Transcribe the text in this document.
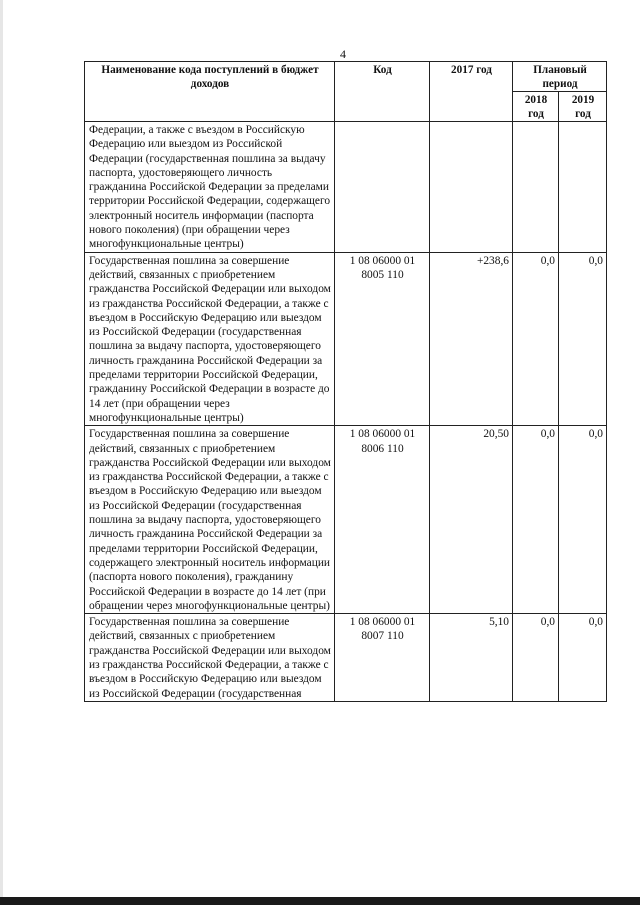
4
Наименование кода поступлений в бюджет доходов	Код	2017 год	Плановый период	
			2018 год	2019 год
Федерации, а также с въездом в Российскую Федерацию или выездом из Российской Федерации (государственная пошлина за выдачу паспорта, удостоверяющего личность гражданина Российской Федерации за пределами территории Российской Федерации, содержащего электронный носитель информации (паспорта нового поколения) (при обращении через многофункциональные центры)				
Государственная пошлина за совершение действий, связанных с приобретением гражданства Российской Федерации или выходом из гражданства Российской Федерации, а также с въездом в Российскую Федерацию или выездом из Российской Федерации (государственная пошлина за выдачу паспорта, удостоверяющего личность гражданина Российской Федерации за пределами территории Российской Федерации, гражданину Российской Федерации в возрасте до 14 лет (при обращении через многофункциональные центры)	1 08 06000 01 8005 110	+238,6	0,0	0,0
Государственная пошлина за совершение действий, связанных с приобретением гражданства Российской Федерации или выходом из гражданства Российской Федерации, а также с въездом в Российскую Федерацию или выездом из Российской Федерации (государственная пошлина за выдачу паспорта, удостоверяющего личность гражданина Российской Федерации за пределами территории Российской Федерации, содержащего электронный носитель информации (паспорта нового поколения), гражданину Российской Федерации в возрасте до 14 лет (при обращении через многофункциональные центры)	1 08 06000 01 8006 110	20,50	0,0	0,0
Государственная пошлина за совершение действий, связанных с приобретением гражданства Российской Федерации или выходом из гражданства Российской Федерации, а также с въездом в Российскую Федерацию или выездом из Российской Федерации (государственная	1 08 06000 01 8007 110	5,10	0,0	0,0
